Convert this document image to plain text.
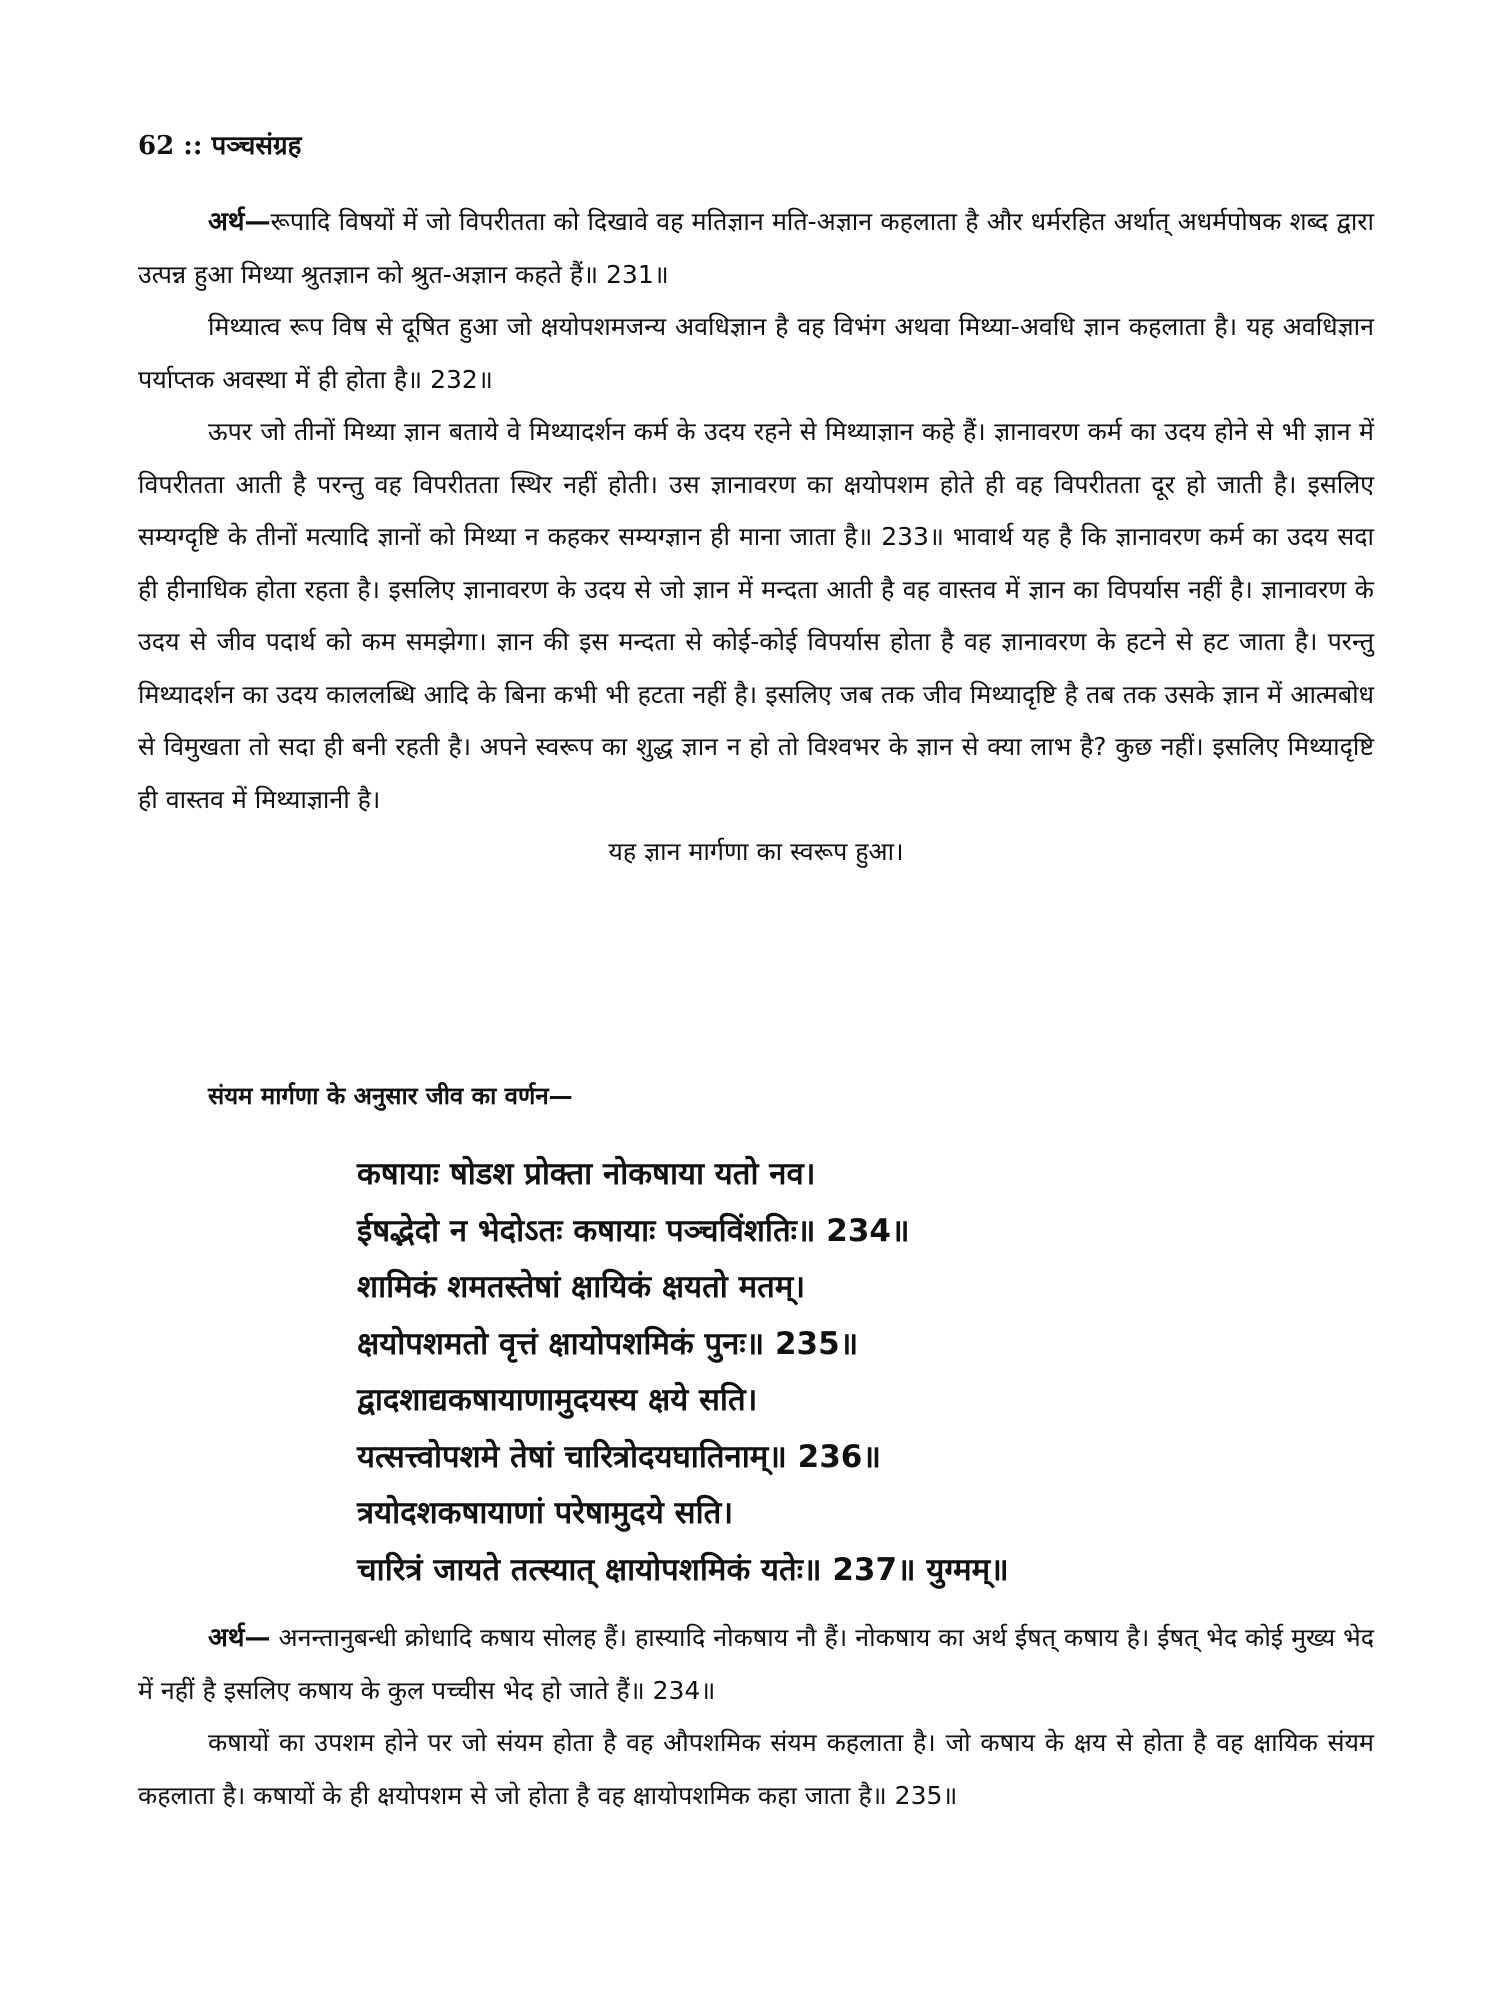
62 :: पञ्चसंग्रह

अर्थ—रूपादि विषयों में जो विपरीतता को दिखावे वह मतिज्ञान मति-अज्ञान कहलाता है और धर्मरहित अर्थात् अधर्मपोषक शब्द द्वारा उत्पन्न हुआ मिथ्या श्रुतज्ञान को श्रुत-अज्ञान कहते हैं॥ 231॥

मिथ्यात्व रूप विष से दूषित हुआ जो क्षयोपशमजन्य अवधिज्ञान है वह विभंग अथवा मिथ्या-अवधि ज्ञान कहलाता है। यह अवधिज्ञान पर्याप्तक अवस्था में ही होता है॥ 232॥

ऊपर जो तीनों मिथ्या ज्ञान बताये वे मिथ्यादर्शन कर्म के उदय रहने से मिथ्याज्ञान कहे हैं। ज्ञानावरण कर्म का उदय होने से भी ज्ञान में विपरीतता आती है परन्तु वह विपरीतता स्थिर नहीं होती। उस ज्ञानावरण का क्षयोपशम होते ही वह विपरीतता दूर हो जाती है। इसलिए सम्यग्दृष्टि के तीनों मत्यादि ज्ञानों को मिथ्या न कहकर सम्यग्ज्ञान ही माना जाता है॥ 233॥ भावार्थ यह है कि ज्ञानावरण कर्म का उदय सदा ही हीनाधिक होता रहता है। इसलिए ज्ञानावरण के उदय से जो ज्ञान में मन्दता आती है वह वास्तव में ज्ञान का विपर्यास नहीं है। ज्ञानावरण के उदय से जीव पदार्थ को कम समझेगा। ज्ञान की इस मन्दता से कोई-कोई विपर्यास होता है वह ज्ञानावरण के हटने से हट जाता है। परन्तु मिथ्यादर्शन का उदय काललब्धि आदि के बिना कभी भी हटता नहीं है। इसलिए जब तक जीव मिथ्यादृष्टि है तब तक उसके ज्ञान में आत्मबोध से विमुखता तो सदा ही बनी रहती है। अपने स्वरूप का शुद्ध ज्ञान न हो तो विश्वभर के ज्ञान से क्या लाभ है? कुछ नहीं। इसलिए मिथ्यादृष्टि ही वास्तव में मिथ्याज्ञानी है।

यह ज्ञान मार्गणा का स्वरूप हुआ।

संयम मार्गणा के अनुसार जीव का वर्णन—
कषायाः षोडश प्रोक्ता नोकषाया यतो नव।
ईषद्भेदो न भेदोऽतः कषायाः पञ्चविंशतिः॥ 234॥
शामिकं शमतस्तेषां क्षायिकं क्षयतो मतम्।
क्षयोपशमतो वृत्तं क्षायोपशमिकं पुनः॥ 235॥
द्वादशाद्यकषायाणामुदयस्य क्षये सति।
यत्सत्त्वोपशमे तेषां चारित्रोदयघातिनाम्॥ 236॥
त्रयोदशकषायाणां परेषामुदये सति।
चारित्रं जायते तत्स्यात् क्षायोपशमिकं यतेः॥ 237॥ युग्मम्॥

अर्थ— अनन्तानुबन्धी क्रोधादि कषाय सोलह हैं। हास्यादि नोकषाय नौ हैं। नोकषाय का अर्थ ईषत् कषाय है। ईषत् भेद कोई मुख्य भेद में नहीं है इसलिए कषाय के कुल पच्चीस भेद हो जाते हैं॥ 234॥

कषायों का उपशम होने पर जो संयम होता है वह औपशमिक संयम कहलाता है। जो कषाय के क्षय से होता है वह क्षायिक संयम कहलाता है। कषायों के ही क्षयोपशम से जो होता है वह क्षायोपशमिक कहा जाता है॥ 235॥
